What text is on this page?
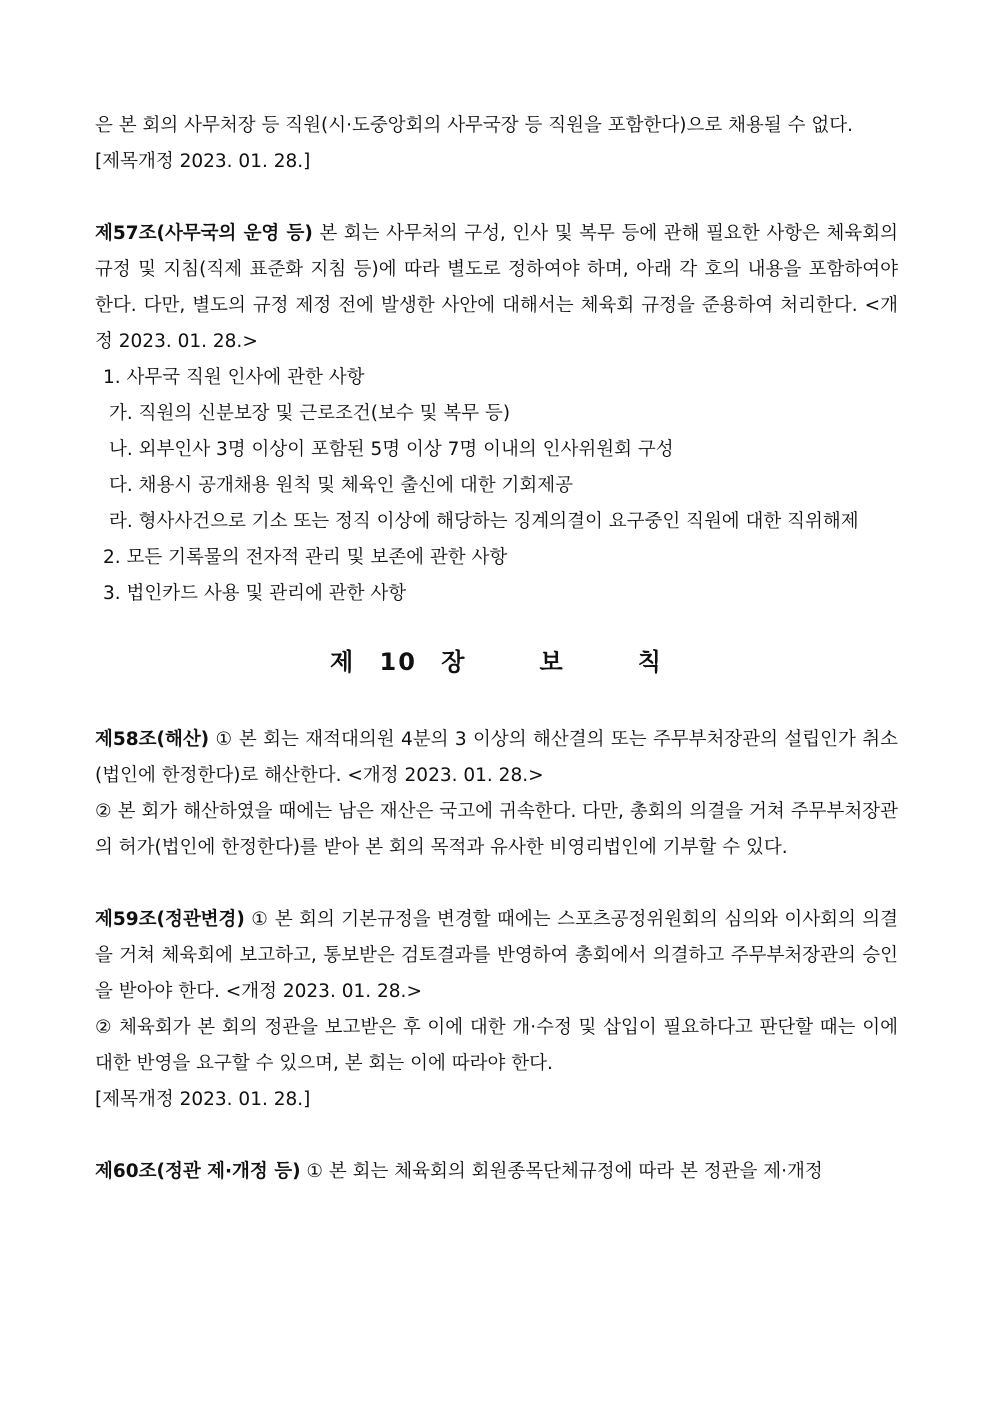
은 본 회의 사무처장 등 직원(시·도중앙회의 사무국장 등 직원을 포함한다)으로 채용될 수 없다.

[제목개정 2023. 01. 28.]

제57조(사무국의 운영 등) 본 회는 사무처의 구성, 인사 및 복무 등에 관해 필요한 사항은 체육회의 규정 및 지침(직제 표준화 지침 등)에 따라 별도로 정하여야 하며, 아래 각 호의 내용을 포함하여야 한다. 다만, 별도의 규정 제정 전에 발생한 사안에 대해서는 체육회 규정을 준용하여 처리한다. <개정 2023. 01. 28.>

1. 사무국 직원 인사에 관한 사항

가. 직원의 신분보장 및 근로조건(보수 및 복무 등)

나. 외부인사 3명 이상이 포함된 5명 이상 7명 이내의 인사위원회 구성

다. 채용시 공개채용 원칙 및 체육인 출신에 대한 기회제공

라. 형사사건으로 기소 또는 정직 이상에 해당하는 징계의결이 요구중인 직원에 대한 직위해제

2. 모든 기록물의 전자적 관리 및 보존에 관한 사항

3. 법인카드 사용 및 관리에 관한 사항

제 10 장   보   칙

제58조(해산) ① 본 회는 재적대의원 4분의 3 이상의 해산결의 또는 주무부처장관의 설립인가 취소(법인에 한정한다)로 해산한다. <개정 2023. 01. 28.>

② 본 회가 해산하였을 때에는 남은 재산은 국고에 귀속한다. 다만, 총회의 의결을 거쳐 주무부처장관의 허가(법인에 한정한다)를 받아 본 회의 목적과 유사한 비영리법인에 기부할 수 있다.

제59조(정관변경) ① 본 회의 기본규정을 변경할 때에는 스포츠공정위원회의 심의와 이사회의 의결을 거쳐 체육회에 보고하고, 통보받은 검토결과를 반영하여 총회에서 의결하고 주무부처장관의 승인을 받아야 한다. <개정 2023. 01. 28.>

② 체육회가 본 회의 정관을 보고받은 후 이에 대한 개·수정 및 삽입이 필요하다고 판단할 때는 이에 대한 반영을 요구할 수 있으며, 본 회는 이에 따라야 한다.

[제목개정 2023. 01. 28.]

제60조(정관 제·개정 등) ① 본 회는 체육회의 회원종목단체규정에 따라 본 정관을 제·개정
